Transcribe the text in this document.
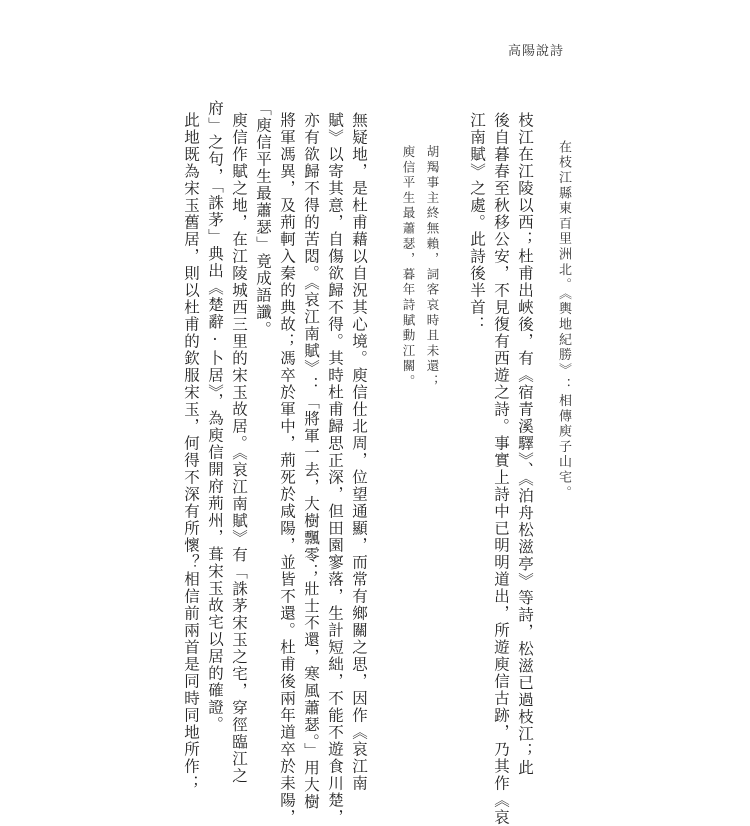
高陽說詩
在枝江縣東百里洲北。《輿地紀勝》：相傳庾子山宅。
枝江在江陵以西；杜甫出峽後，有《宿青溪驛》、《泊舟松滋亭》等詩，松滋已過枝江；此
後自暮春至秋移公安，不見復有西遊之詩。事實上詩中已明明道出，所遊庾信古跡，乃其作《哀
江南賦》之處。此詩後半首：
胡羯事主終無賴，詞客哀時且未還；
庾信平生最蕭瑟，暮年詩賦動江關。
無疑地，是杜甫藉以自況其心境。庾信仕北周，位望通顯，而常有鄉關之思，因作《哀江南
賦》以寄其意，自傷欲歸不得。其時杜甫歸思正深，但田園寥落，生計短絀，不能不遊食川楚，
亦有欲歸不得的苦悶。《哀江南賦》：「將軍一去，大樹飄零；壯士不還，寒風蕭瑟。」用大樹
將軍馮異，及荊軻入秦的典故；馮卒於軍中，荊死於咸陽，並皆不還。杜甫後兩年道卒於耒陽，
「庾信平生最蕭瑟」竟成語讖。
庾信作賦之地，在江陵城西三里的宋玉故居。《哀江南賦》有「誅茅宋玉之宅，穿徑臨江之
府」之句，「誅茅」典出《楚辭·卜居》，為庾信開府荊州，葺宋玉故宅以居的確證。
此地既為宋玉舊居，則以杜甫的欽服宋玉，何得不深有所懷？相信前兩首是同時同地所作；
